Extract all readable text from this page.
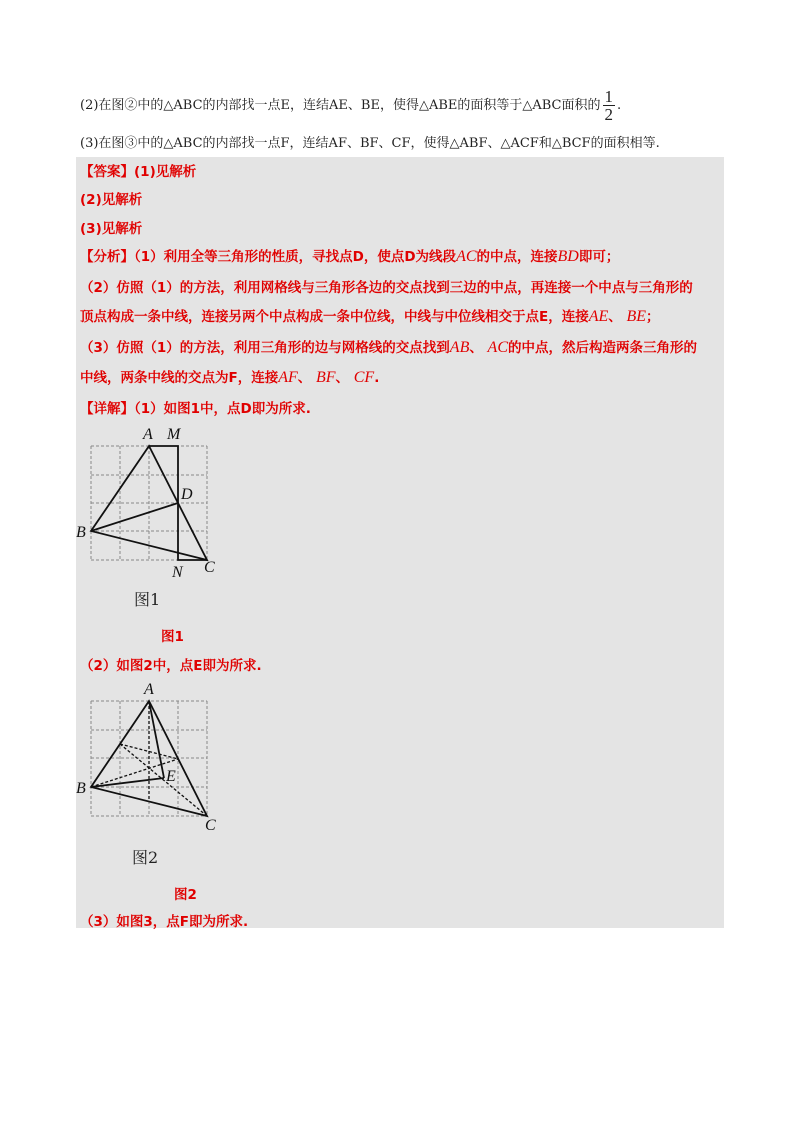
(2)在图②中的△ABC的内部找一点E，连结AE、BE，使得△ABE的面积等于△ABC面积的 $\frac{1}{2}$ .
(3)在图③中的△ABC的内部找一点F，连结AF、BF、CF，使得△ABF、△ACF和△BCF的面积相等.
【答案】(1)见解析
(2)见解析
(3)见解析
【分析】（1）利用全等三角形的性质，寻找点D，使点D为线段AC的中点，连接BD即可；
（2）仿照（1）的方法，利用网格线与三角形各边的交点找到三边的中点，再连接一个中点与三角形的
顶点构成一条中线，连接另两个中点构成一条中位线，中线与中位线相交于点E，连接AE、 BE；
（3）仿照（1）的方法，利用三角形的边与网格线的交点找到AB、 AC的中点，然后构造两条三角形的
中线，两条中线的交点为F，连接AF、 BF、 CF.
【详解】（1）如图1中，点D即为所求.
A M
D
B
N C
图1
图1
（2）如图2中，点E即为所求.
A
E
B
C
图2
图2
（3）如图3，点F即为所求.
